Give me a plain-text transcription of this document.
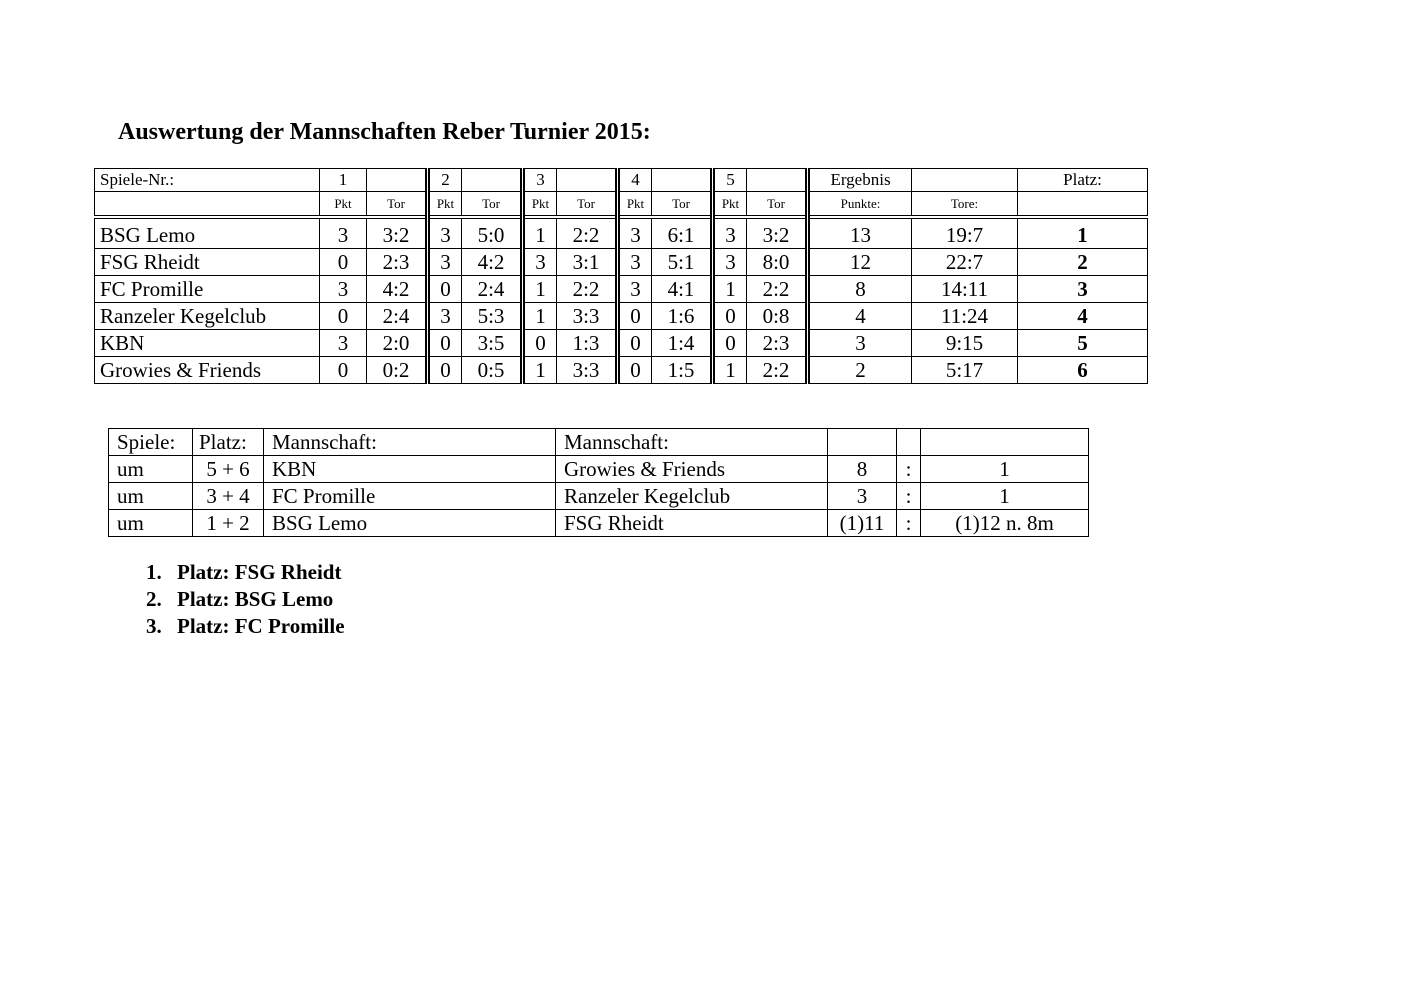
Auswertung der Mannschaften Reber Turnier 2015:
Spiele-Nr.:	1		2		3		4		5		Ergebnis		Platz:
	Pkt	Tor	Pkt	Tor	Pkt	Tor	Pkt	Tor	Pkt	Tor	Punkte:	Tore:	
BSG Lemo	3	3:2	3	5:0	1	2:2	3	6:1	3	3:2	13	19:7	1
FSG Rheidt	0	2:3	3	4:2	3	3:1	3	5:1	3	8:0	12	22:7	2
FC Promille	3	4:2	0	2:4	1	2:2	3	4:1	1	2:2	8	14:11	3
Ranzeler Kegelclub	0	2:4	3	5:3	1	3:3	0	1:6	0	0:8	4	11:24	4
KBN	3	2:0	0	3:5	0	1:3	0	1:4	0	2:3	3	9:15	5
Growies & Friends	0	0:2	0	0:5	1	3:3	0	1:5	1	2:2	2	5:17	6
Spiele:	Platz:	Mannschaft:	Mannschaft:			
um	5 + 6	KBN	Growies & Friends	8	:	1
um	3 + 4	FC Promille	Ranzeler Kegelclub	3	:	1
um	1 + 2	BSG Lemo	FSG Rheidt	(1)11	:	(1)12 n. 8m
1. Platz: FSG Rheidt
2. Platz: BSG Lemo
3. Platz: FC Promille
